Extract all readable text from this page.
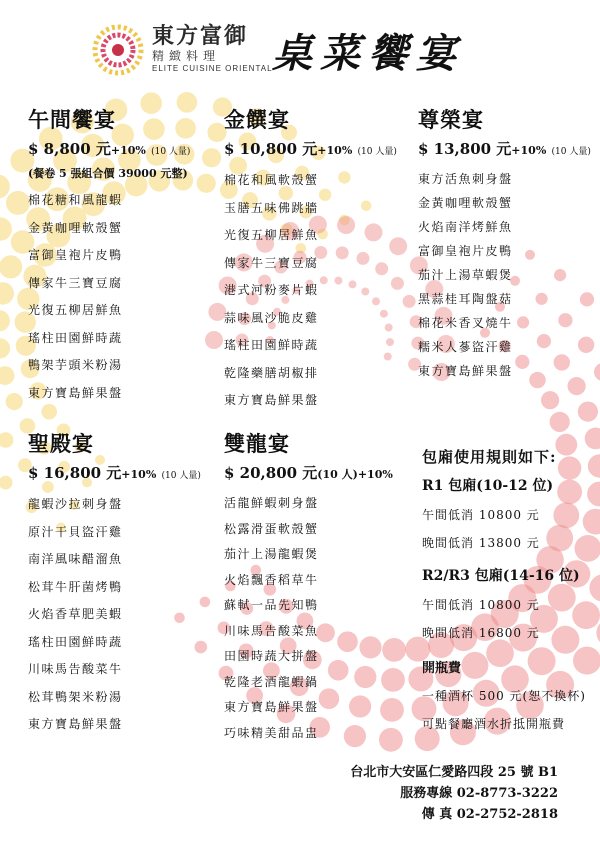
東方富御
精緻料理
ELITE CUISINE ORIENTAL 桌菜饗宴
午間饗宴
$ 8,800 元+10% (10 人量)
(餐卷 5 張組合價 39000 元整)
棉花糖和風龍蝦
金黃咖哩軟殼蟹
富御皇袍片皮鴨
傳家牛三寶豆腐
光復五柳居鮮魚
瑤柱田園鮮時蔬
鴨架芋頭米粉湯
東方寶島鮮果盤
金饌宴
$ 10,800 元+10% (10 人量)
棉花和風軟殼蟹
玉膳五味佛跳牆
光復五柳居鮮魚
傳家牛三寶豆腐
港式河粉麥片蝦
蒜味風沙脆皮雞
瑤柱田園鮮時蔬
乾隆藥膳胡椒排
東方寶島鮮果盤
尊榮宴
$ 13,800 元+10% (10 人量)
東方活魚刺身盤
金黃咖哩軟殼蟹
火焰南洋烤鮮魚
富御皇袍片皮鴨
茄汁上湯草蝦煲
黑蒜桂耳陶盤菇
棉花米香叉燒牛
糯米人蔘盜汗雞
東方寶島鮮果盤
聖殿宴
$ 16,800 元+10% (10 人量)
龍蝦沙拉刺身盤
原汁干貝盜汗雞
南洋風味醋溜魚
松茸牛肝菌烤鴨
火焰香草肥美蝦
瑤柱田園鮮時蔬
川味馬告酸菜牛
松茸鴨架米粉湯
東方寶島鮮果盤
雙龍宴
$ 20,800 元(10 人)+10%
活龍鮮蝦刺身盤
松露滑蛋軟殼蟹
茄汁上湯龍蝦煲
火焰飄香稻草牛
蘇軾一品先知鴨
川味馬告酸菜魚
田園時蔬大拼盤
乾隆老酒龍蝦鍋
東方寶島鮮果盤
巧味精美甜品盅
包廂使用規則如下:
R1 包廂(10-12 位)
午間低消 10800 元
晚間低消 13800 元
R2/R3 包廂(14-16 位)
午間低消 10800 元
晚間低消 16800 元
開瓶費
一種酒杯 500 元(恕不換杯)
可點餐廳酒水折抵開瓶費
台北市大安區仁愛路四段 25 號 B1
服務專線 02-8773-3222
傳 真 02-2752-2818
